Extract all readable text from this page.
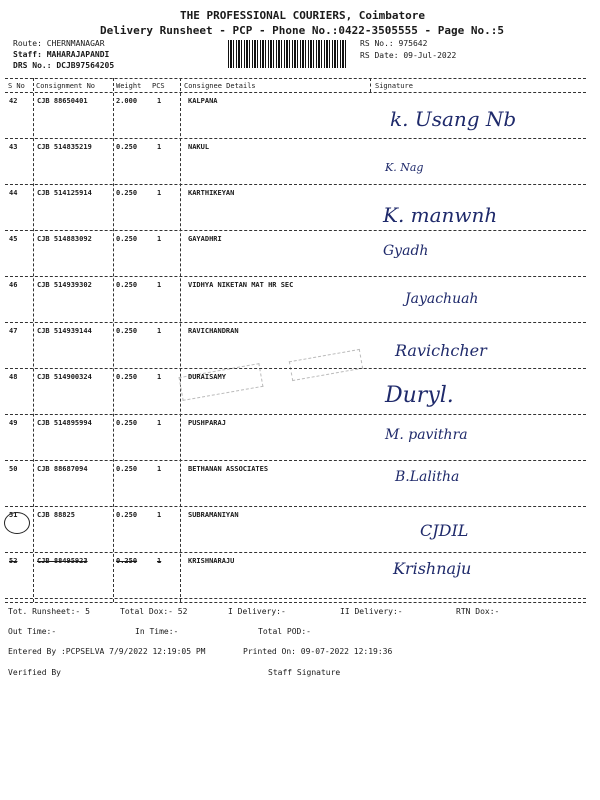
THE PROFESSIONAL COURIERS, Coimbatore
Delivery Runsheet - PCP - Phone No.:0422-3505555 - Page No.:5
Route: CHERNMANAGAR
Staff: MAHARAJAPANDI
DRS No.: DCJB97564205
RS No.: 975642
RS Date: 09-Jul-2022
S No Consignment No	Weight PCS	Consignee Details	Signature
42	CJB 88650401	2.000	1	KALPANA
k. Usang Nb
43	CJB 514835219	0.250	1	NAKUL
K. Nag
44	CJB 514125914	0.250	1	KARTHIKEYAN
K. manwnh
45	CJB 514883092	0.250	1	GAYADHRI
Gyadh
46	CJB 514939302	0.250	1	VIDHYA NIKETAN MAT HR SEC
Jayachuah
47	CJB 514939144	0.250	1	RAVICHANDRAN
Ravichcher
48	CJB 514900324	0.250	1	DURAISAMY
Duryl.
49	CJB 514895994	0.250	1	PUSHPARAJ
M. pavithra
50	CJB 88687094	0.250	1	BETHANAN ASSOCIATES	B.Lalitha
51	CJB 88825	0.250	1	SUBRAMANIYAN
CJDIL
52	CJB 88495923	0.250	1	KRISHNARAJU	Krishnaju
Tot. Runsheet:- 5	Total Dox:- 52	I Delivery:-	II Delivery:-	RTN Dox:-
Out Time:-	In Time:-	Total POD:-
Entered By :PCPSELVA 7/9/2022 12:19:05 PM	Printed On: 09-07-2022 12:19:36
Verified By	Staff Signature
